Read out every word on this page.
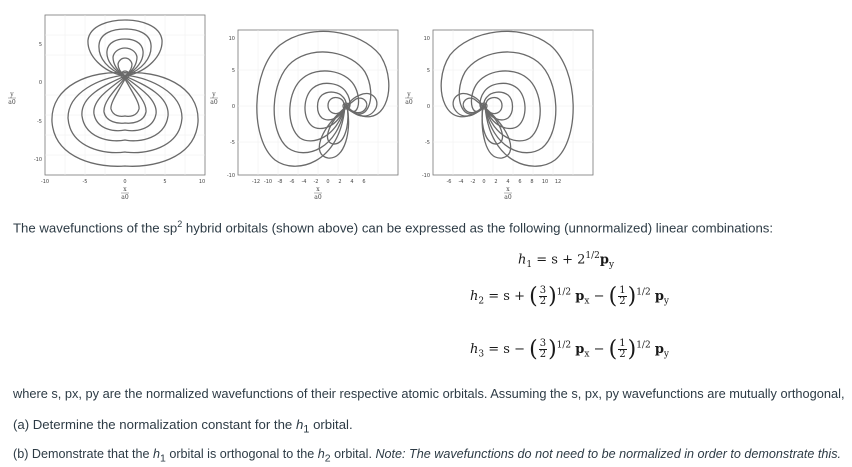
-10	-5	0	5	10
5
0
-5
-10
x
a0
y
a0
-12 -10 -8 -6 -4 -2 0 2 4 6
10
5
0
-5
-10
x
a0
y
a0
-6 -4 -2 0 2 4 6 8 10 12
10
5
0
-5
-10
x
a0
y
a0
The wavefunctions of the $sp^2$ hybrid orbitals (shown above) can be expressed as the following (unnormalized) linear combinations:
$h_1 = s + 2^{1/2}p_y$
$h_2 = s$ + ( $\frac{3}{2} )^{1/2}$ $p_x$ − ( $\frac{1}{2} )^{1/2}$ $p_y$
$h_3 = s$ − ( $\frac{3}{2} )^{1/2}$ $p_x$ − ( $\frac{1}{2} )^{1/2}$ $p_y$
where s, px, py are the normalized wavefunctions of their respective atomic orbitals. Assuming the s, px, py wavefunctions are mutually orthogonal,
(a) Determine the normalization constant for the $h_1$ orbital.
(b) Demonstrate that the $h_1$ orbital is orthogonal to the $h_2$ orbital. Note: The wavefunctions do not need to be normalized in order to demonstrate this.
